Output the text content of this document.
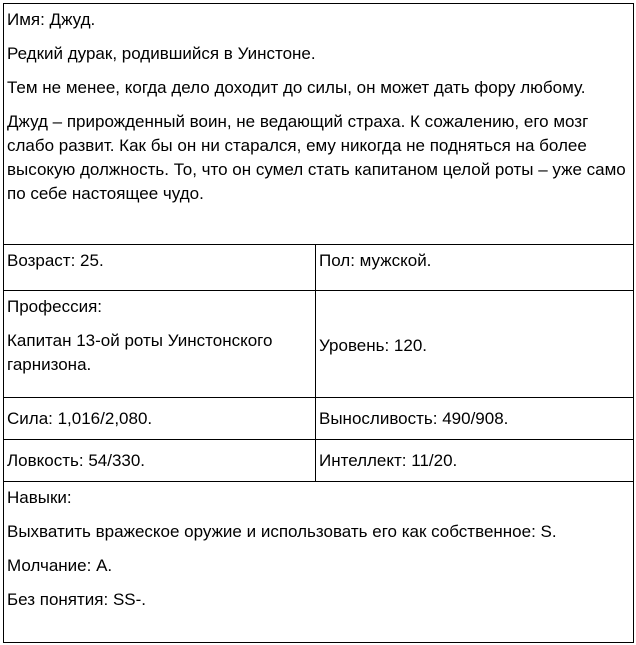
Имя: Джуд.

Редкий дурак, родившийся в Уинстоне.

Тем не менее, когда дело доходит до силы, он может дать фору любому.

Джуд – прирожденный воин, не ведающий страха. К сожалению, его мозг слабо развит. Как бы он ни старался, ему никогда не подняться на более высокую должность. То, что он сумел стать капитаном целой роты – уже само по себе настоящее чудо.	

Возраст: 25.	Пол: мужской.

Профессия:

Капитан 13-ой роты Уинстонского гарнизона.	Уровень: 120.
Сила: 1,016/2,080.	Выносливость: 490/908.
Ловкость: 54/330.	Интеллект: 11/20.

Навыки:

Выхватить вражеское оружие и использовать его как собственное: S.

Молчание: A.

Без понятия: SS-.	
